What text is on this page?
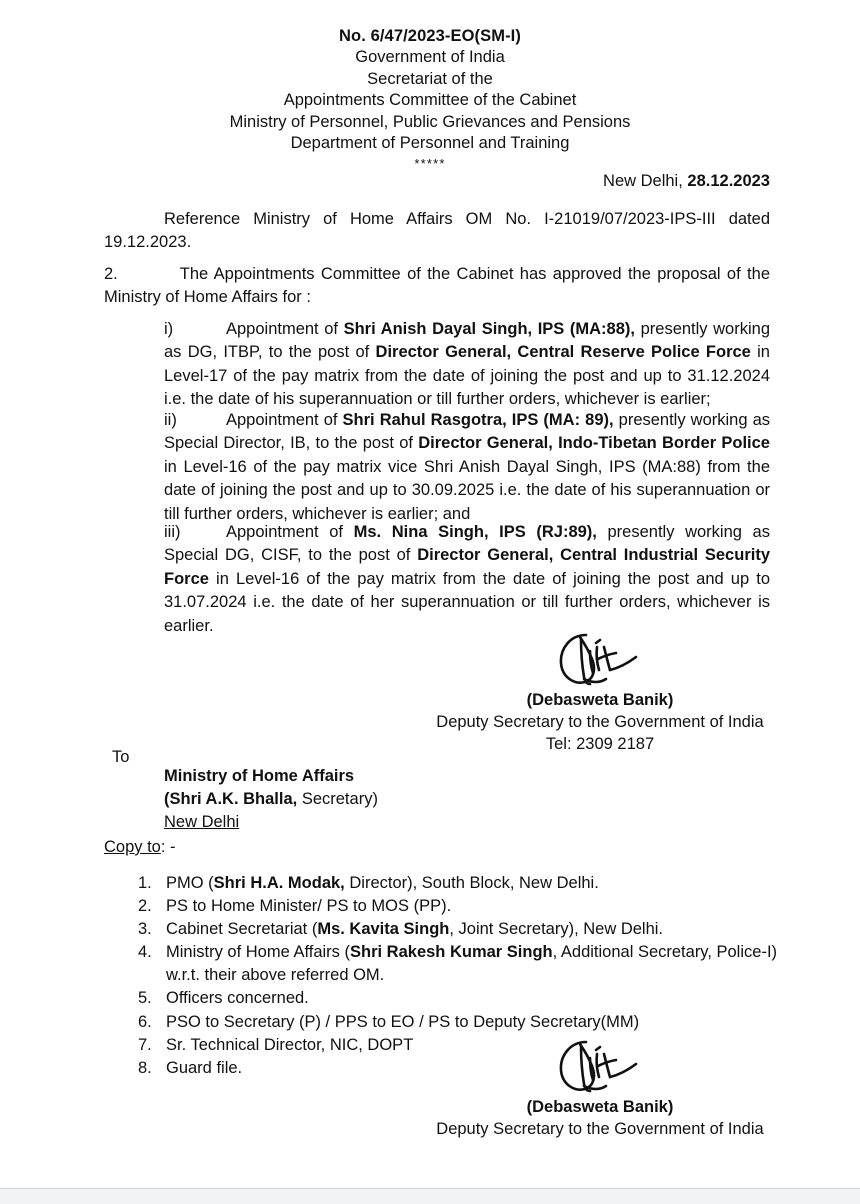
No. 6/47/2023-EO(SM-I)
Government of India
Secretariat of the
Appointments Committee of the Cabinet
Ministry of Personnel, Public Grievances and Pensions
Department of Personnel and Training
*****
New Delhi, 28.12.2023
Reference Ministry of Home Affairs OM No. I-21019/07/2023-IPS-III dated 19.12.2023.
2.	The Appointments Committee of the Cabinet has approved the proposal of the Ministry of Home Affairs for :
i)	Appointment of Shri Anish Dayal Singh, IPS (MA:88), presently working as DG, ITBP, to the post of Director General, Central Reserve Police Force in Level-17 of the pay matrix from the date of joining the post and up to 31.12.2024 i.e. the date of his superannuation or till further orders, whichever is earlier;
ii)	Appointment of Shri Rahul Rasgotra, IPS (MA: 89), presently working as Special Director, IB, to the post of Director General, Indo-Tibetan Border Police in Level-16 of the pay matrix vice Shri Anish Dayal Singh, IPS (MA:88) from the date of joining the post and up to 30.09.2025 i.e. the date of his superannuation or till further orders, whichever is earlier; and
iii)	Appointment of Ms. Nina Singh, IPS (RJ:89), presently working as Special DG, CISF, to the post of Director General, Central Industrial Security Force in Level-16 of the pay matrix from the date of joining the post and up to 31.07.2024 i.e. the date of her superannuation or till further orders, whichever is earlier.
(Debasweta Banik)
Deputy Secretary to the Government of India
Tel: 2309 2187
To
Ministry of Home Affairs
(Shri A.K. Bhalla, Secretary)
New Delhi
Copy to: -
1. PMO (Shri H.A. Modak, Director), South Block, New Delhi.
2. PS to Home Minister/ PS to MOS (PP).
3. Cabinet Secretariat (Ms. Kavita Singh, Joint Secretary), New Delhi.
4. Ministry of Home Affairs (Shri Rakesh Kumar Singh, Additional Secretary, Police-I)
w.r.t. their above referred OM.
5. Officers concerned.
6. PSO to Secretary (P) / PPS to EO / PS to Deputy Secretary(MM)
7. Sr. Technical Director, NIC, DOPT
8. Guard file.
(Debasweta Banik)
Deputy Secretary to the Government of India
